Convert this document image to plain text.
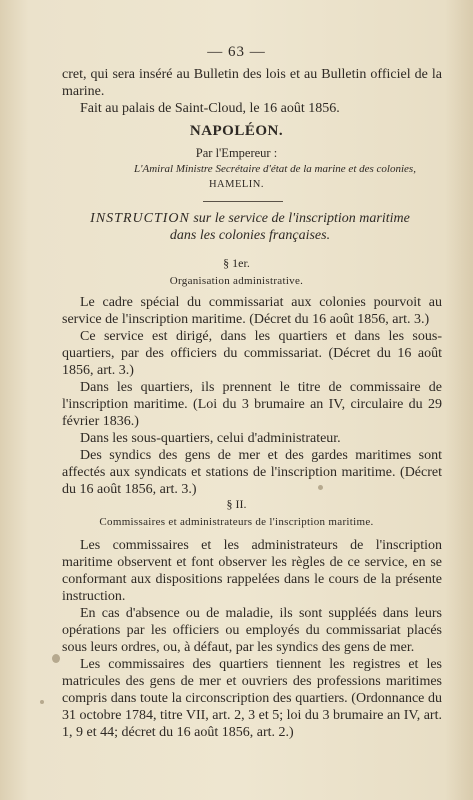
— 63 —

cret, qui sera inséré au Bulletin des lois et au Bulletin officiel de la marine.

Fait au palais de Saint-Cloud, le 16 août 1856.

NAPOLÉON.
Par l'Empereur :
L'Amiral Ministre Secrétaire d'état de la marine et des colonies,
HAMELIN.
INSTRUCTION sur le service de l'inscription maritime
dans les colonies françaises.
§ 1er.
Organisation administrative.

Le cadre spécial du commissariat aux colonies pourvoit au service de l'inscription maritime. (Décret du 16 août 1856, art. 3.)

Ce service est dirigé, dans les quartiers et dans les sous-quartiers, par des officiers du commissariat. (Décret du 16 août 1856, art. 3.)

Dans les quartiers, ils prennent le titre de commissaire de l'inscription maritime. (Loi du 3 brumaire an IV, circulaire du 29 février 1836.)

Dans les sous-quartiers, celui d'administrateur.

Des syndics des gens de mer et des gardes maritimes sont affectés aux syndicats et stations de l'inscription maritime. (Décret du 16 août 1856, art. 3.)

§ II.
Commissaires et administrateurs de l'inscription maritime.

Les commissaires et les administrateurs de l'inscription maritime observent et font observer les règles de ce service, en se conformant aux dispositions rappelées dans le cours de la présente instruction.

En cas d'absence ou de maladie, ils sont suppléés dans leurs opérations par les officiers ou employés du commissariat placés sous leurs ordres, ou, à défaut, par les syndics des gens de mer.

Les commissaires des quartiers tiennent les registres et les matricules des gens de mer et ouvriers des professions maritimes compris dans toute la circonscription des quartiers. (Ordonnance du 31 octobre 1784, titre VII, art. 2, 3 et 5; loi du 3 brumaire an IV, art. 1, 9 et 44; décret du 16 août 1856, art. 2.)
